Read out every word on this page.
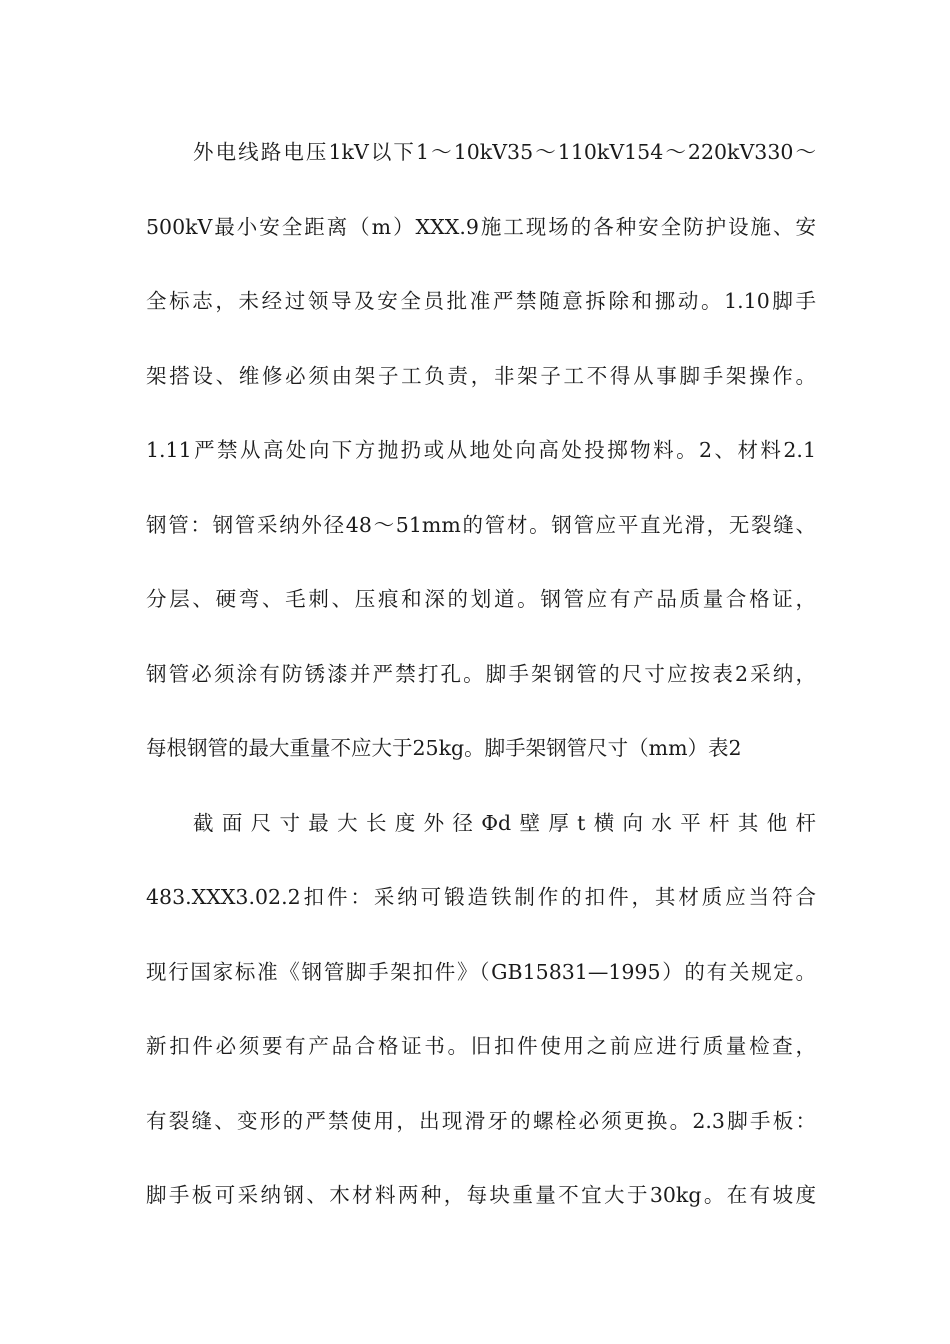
外电线路电压1kV以下1～10kV35～110kV154～220kV330～
500kV最小安全距离（m）XXX.9施工现场的各种安全防护设施、安
全标志，未经过领导及安全员批准严禁随意拆除和挪动。1.10脚手
架搭设、维修必须由架子工负责，非架子工不得从事脚手架操作。
1.11严禁从高处向下方抛扔或从地处向高处投掷物料。2、材料2.1
钢管：钢管采纳外径48～51mm的管材。钢管应平直光滑，无裂缝、
分层、硬弯、毛刺、压痕和深的划道。钢管应有产品质量合格证，
钢管必须涂有防锈漆并严禁打孔。脚手架钢管的尺寸应按表2采纳，
每根钢管的最大重量不应大于25kg。脚手架钢管尺寸（mm）表2
截面尺寸最大长度外径Φd壁厚t横向水平杆其他杆
483.XXX3.02.2扣件：采纳可锻造铁制作的扣件，其材质应当符合
现行国家标准《钢管脚手架扣件》（GB15831—1995）的有关规定。
新扣件必须要有产品合格证书。旧扣件使用之前应进行质量检查，
有裂缝、变形的严禁使用，出现滑牙的螺栓必须更换。2.3脚手板：
脚手板可采纳钢、木材料两种，每块重量不宜大于30kg。在有坡度
